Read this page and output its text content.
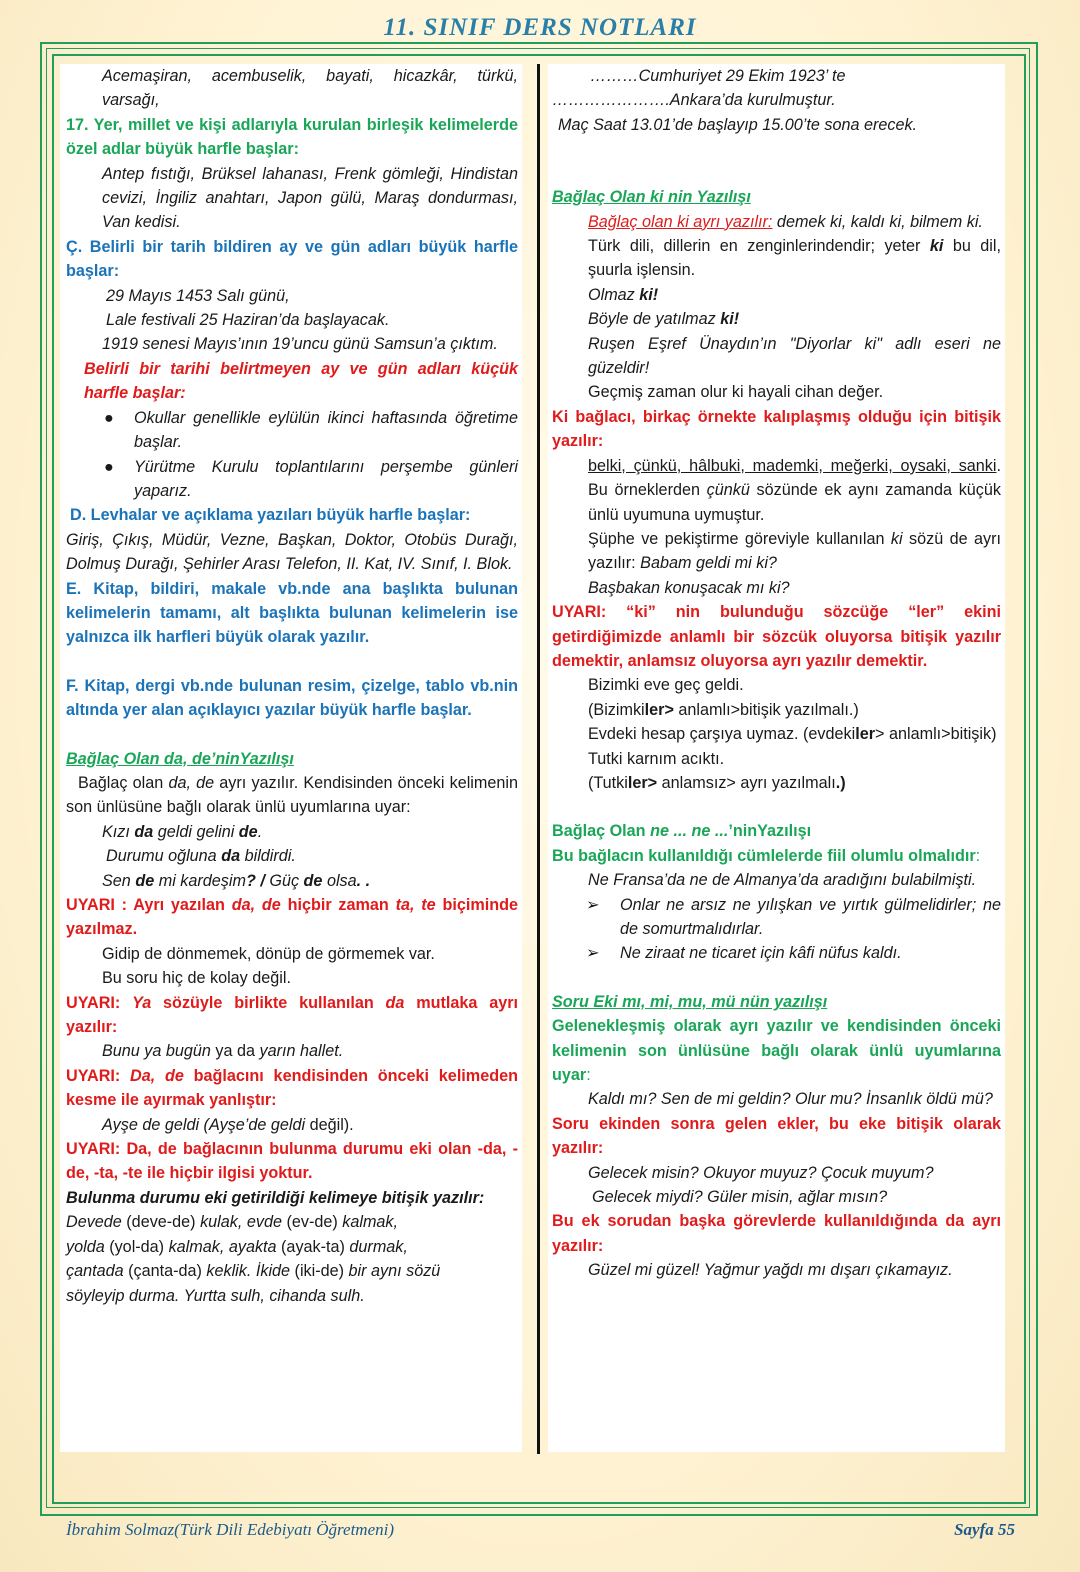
11. SINIF DERS NOTLARI

Acemaşiran, acembuselik, bayati, hicazkâr, türkü, varsağı,

17. Yer, millet ve kişi adlarıyla kurulan birleşik kelimelerde özel adlar büyük harfle başlar:

Antep fıstığı, Brüksel lahanası, Frenk gömleği, Hindistan cevizi, İngiliz anahtarı, Japon gülü, Maraş dondurması, Van kedisi.

Ç. Belirli bir tarih bildiren ay ve gün adları büyük harfle başlar:

29 Mayıs 1453 Salı günü,

Lale festivali 25 Haziran’da başlayacak.

1919 senesi Mayıs’ının 19’uncu günü Samsun’a çıktım.

Belirli bir tarihi belirtmeyen ay ve gün adları küçük harfle başlar:

● Okullar genellikle eylülün ikinci haftasında öğretime başlar.

● Yürütme Kurulu toplantılarını perşembe günleri yaparız.

D. Levhalar ve açıklama yazıları büyük harfle başlar:

Giriş, Çıkış, Müdür, Vezne, Başkan, Doktor, Otobüs Durağı, Dolmuş Durağı, Şehirler Arası Telefon, II. Kat, IV. Sınıf, I. Blok.

E. Kitap, bildiri, makale vb.nde ana başlıkta bulunan kelimelerin tamamı, alt başlıkta bulunan kelimelerin ise yalnızca ilk harfleri büyük olarak yazılır.

F. Kitap, dergi vb.nde bulunan resim, çizelge, tablo vb.nin altında yer alan açıklayıcı yazılar büyük harfle başlar.

Bağlaç Olan da, de’ninYazılışı

Bağlaç olan da, de ayrı yazılır. Kendisinden önceki kelimenin son ünlüsüne bağlı olarak ünlü uyumlarına uyar:

Kızı da geldi gelini de.

Durumu oğluna da bildirdi.

Sen de mi kardeşim? / Güç de olsa. .

UYARI : Ayrı yazılan da, de hiçbir zaman ta, te biçiminde yazılmaz.

Gidip de dönmemek, dönüp de görmemek var.

Bu soru hiç de kolay değil.

UYARI: Ya sözüyle birlikte kullanılan da mutlaka ayrı yazılır:

Bunu ya bugün ya da yarın hallet.

UYARI: Da, de bağlacını kendisinden önceki kelimeden kesme ile ayırmak yanlıştır:

Ayşe de geldi (Ayşe’de geldi değil).

UYARI: Da, de bağlacının bulunma durumu eki olan -da, -de, -ta, -te ile hiçbir ilgisi yoktur.

Bulunma durumu eki getirildiği kelimeye bitişik yazılır:

Devede (deve-de) kulak, evde (ev-de) kalmak,

yolda (yol-da) kalmak, ayakta (ayak-ta) durmak,

çantada (çanta-da) keklik. İkide (iki-de) bir aynı sözü

söyleyip durma. Yurtta sulh, cihanda sulh.

………Cumhuriyet 29 Ekim 1923’ te

………………….Ankara’da kurulmuştur.

Maç Saat 13.01’de başlayıp 15.00’te sona erecek.

Bağlaç Olan ki nin Yazılışı

Bağlaç olan ki ayrı yazılır: demek ki, kaldı ki, bilmem ki.

Türk dili, dillerin en zenginlerindendir; yeter ki bu dil, şuurla işlensin.

Olmaz ki!

Böyle de yatılmaz ki!

Ruşen Eşref Ünaydın’ın "Diyorlar ki" adlı eseri ne güzeldir!

Geçmiş zaman olur ki hayali cihan değer.

Ki bağlacı, birkaç örnekte kalıplaşmış olduğu için bitişik yazılır:

belki, çünkü, hâlbuki, mademki, meğerki, oysaki, sanki. Bu örneklerden çünkü sözünde ek aynı zamanda küçük ünlü uyumuna uymuştur.

Şüphe ve pekiştirme göreviyle kullanılan ki sözü de ayrı yazılır: Babam geldi mi ki?

Başbakan konuşacak mı ki?

UYARI: “ki” nin bulunduğu sözcüğe “ler” ekini getirdiğimizde anlamlı bir sözcük oluyorsa bitişik yazılır demektir, anlamsız oluyorsa ayrı yazılır demektir.

Bizimki eve geç geldi.

(Bizimkiler> anlamlı>bitişik yazılmalı.)

Evdeki hesap çarşıya uymaz. (evdekiler> anlamlı>bitişik)

Tutki karnım acıktı.

(Tutkiler> anlamsız> ayrı yazılmalı.)

Bağlaç Olan ne ... ne ...’ninYazılışı

Bu bağlacın kullanıldığı cümlelerde fiil olumlu olmalıdır:

Ne Fransa’da ne de Almanya’da aradığını bulabilmişti.

➢ Onlar ne arsız ne yılışkan ve yırtık gülmelidirler; ne de somurtmalıdırlar.

➢ Ne ziraat ne ticaret için kâfi nüfus kaldı.

Soru Eki mı, mi, mu, mü nün yazılışı

Gelenekleşmiş olarak ayrı yazılır ve kendisinden önceki kelimenin son ünlüsüne bağlı olarak ünlü uyumlarına uyar:

Kaldı mı? Sen de mi geldin? Olur mu? İnsanlık öldü mü?

Soru ekinden sonra gelen ekler, bu eke bitişik olarak yazılır:

Gelecek misin? Okuyor muyuz? Çocuk muyum?

Gelecek miydi? Güler misin, ağlar mısın?

Bu ek sorudan başka görevlerde kullanıldığında da ayrı yazılır:

Güzel mi güzel! Yağmur yağdı mı dışarı çıkamayız.

İbrahim Solmaz(Türk Dili Edebiyatı Öğretmeni)	Sayfa 55
